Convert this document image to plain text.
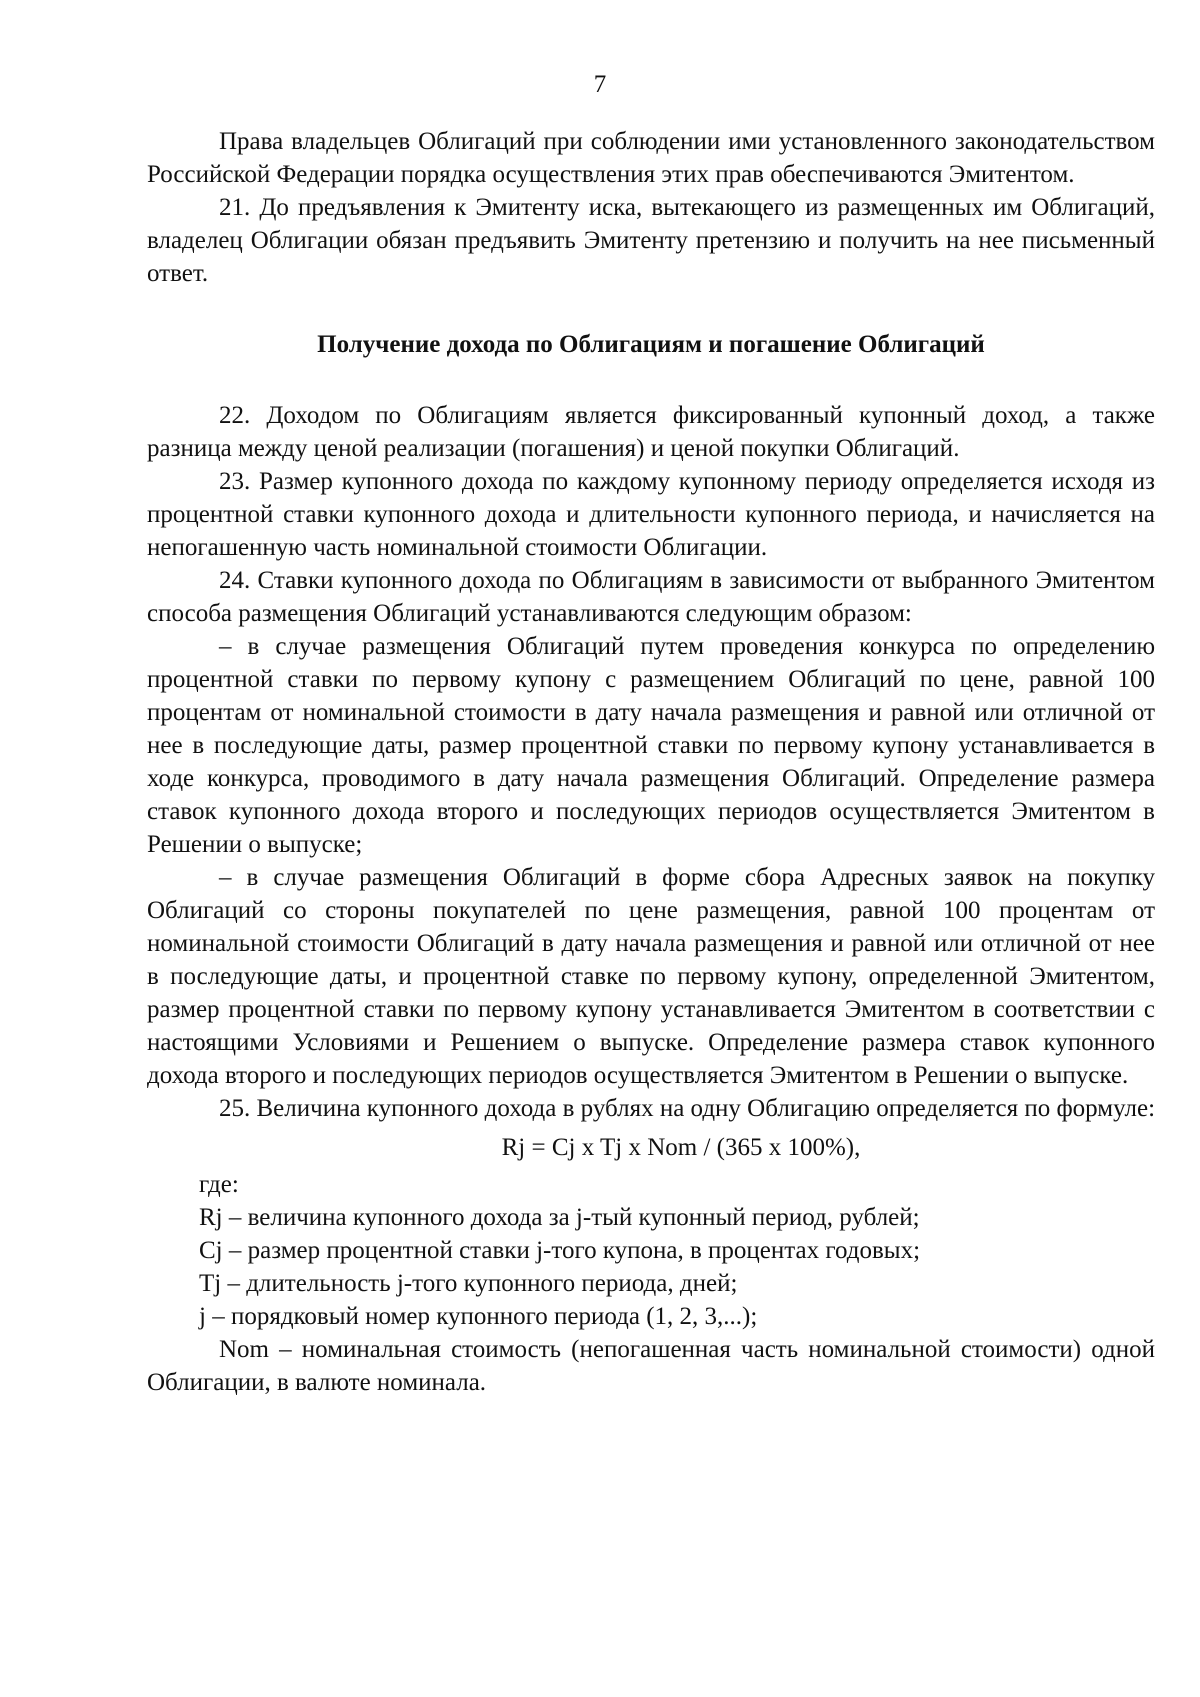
7

Права владельцев Облигаций при соблюдении ими установленного законодательством Российской Федерации порядка осуществления этих прав обеспечиваются Эмитентом.

21. До предъявления к Эмитенту иска, вытекающего из размещенных им Облигаций, владелец Облигации обязан предъявить Эмитенту претензию и получить на нее письменный ответ.

Получение дохода по Облигациям и погашение Облигаций

22. Доходом по Облигациям является фиксированный купонный доход, а также разница между ценой реализации (погашения) и ценой покупки Облигаций.

23. Размер купонного дохода по каждому купонному периоду определяется исходя из процентной ставки купонного дохода и длительности купонного периода, и начисляется на непогашенную часть номинальной стоимости Облигации.

24. Ставки купонного дохода по Облигациям в зависимости от выбранного Эмитентом способа размещения Облигаций устанавливаются следующим образом:

– в случае размещения Облигаций путем проведения конкурса по определению процентной ставки по первому купону с размещением Облигаций по цене, равной 100 процентам от номинальной стоимости в дату начала размещения и равной или отличной от нее в последующие даты, размер процентной ставки по первому купону устанавливается в ходе конкурса, проводимого в дату начала размещения Облигаций. Определение размера ставок купонного дохода второго и последующих периодов осуществляется Эмитентом в Решении о выпуске;

– в случае размещения Облигаций в форме сбора Адресных заявок на покупку Облигаций со стороны покупателей по цене размещения, равной 100 процентам от номинальной стоимости Облигаций в дату начала размещения и равной или отличной от нее в последующие даты, и процентной ставке по первому купону, определенной Эмитентом, размер процентной ставки по первому купону устанавливается Эмитентом в соответствии с настоящими Условиями и Решением о выпуске. Определение размера ставок купонного дохода второго и последующих периодов осуществляется Эмитентом в Решении о выпуске.

25. Величина купонного дохода в рублях на одну Облигацию определяется по формуле:

Rj = Cj x Tj x Nom / (365 x 100%),

где:

Rj – величина купонного дохода за j-тый купонный период, рублей;

Cj – размер процентной ставки j-того купона, в процентах годовых;

Tj – длительность j-того купонного периода, дней;

j – порядковый номер купонного периода (1, 2, 3,...);

Nom – номинальная стоимость (непогашенная часть номинальной стоимости) одной Облигации, в валюте номинала.
